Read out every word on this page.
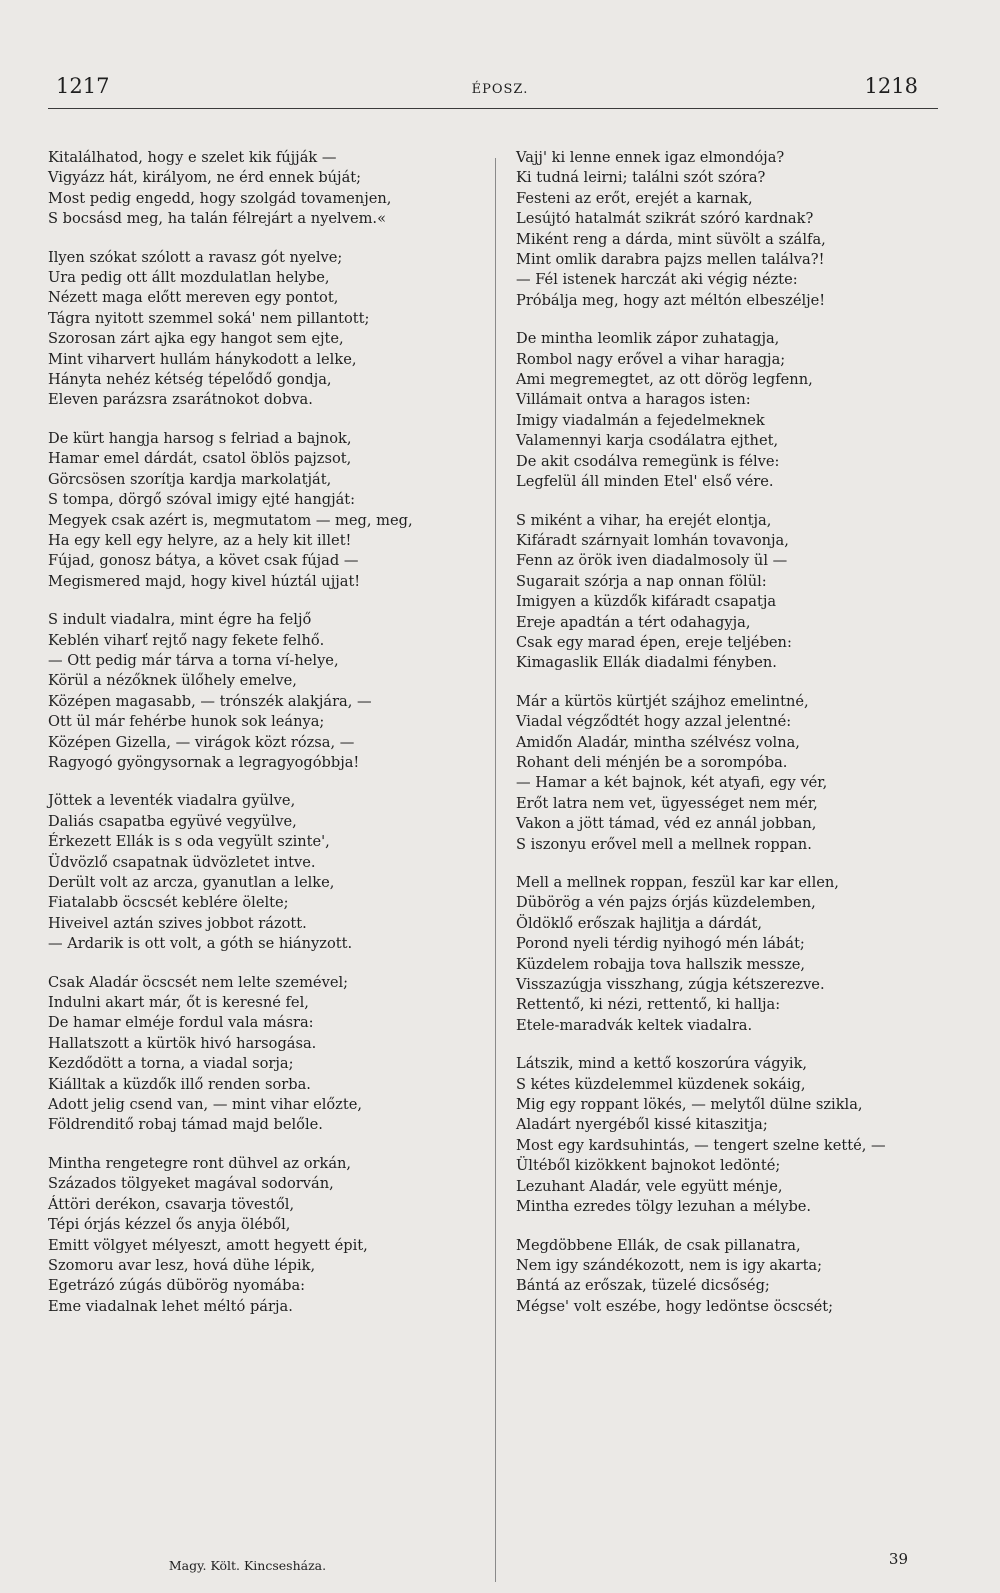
1217	ÉPOSZ.	1218
Kitalálhatod, hogy e szelet kik fújják —
Vigyázz hát, királyom, ne érd ennek búját;
Most pedig engedd, hogy szolgád tovamenjen,
S bocsásd meg, ha talán félrejárt a nyelvem.«
Ilyen szókat szólott a ravasz gót nyelve;
Ura pedig ott állt mozdulatlan helybe,
Nézett maga előtt mereven egy pontot,
Tágra nyitott szemmel soká' nem pillantott;
Szorosan zárt ajka egy hangot sem ejte,
Mint viharvert hullám hánykodott a lelke,
Hányta nehéz kétség tépelődő gondja,
Eleven parázsra zsarátnokot dobva.
De kürt hangja harsog s felriad a bajnok,
Hamar emel dárdát, csatol öblös pajzsot,
Görcsösen szorítja kardja markolatját,
S tompa, dörgő szóval imigy ejté hangját:
Megyek csak azért is, megmutatom — meg, meg,
Ha egy kell egy helyre, az a hely kit illet!
Fújad, gonosz bátya, a követ csak fújad —
Megismered majd, hogy kivel húztál ujjat!
S indult viadalra, mint égre ha feljő
Keblén viharť rejtő nagy fekete felhő.
— Ott pedig már tárva a torna ví-helye,
Körül a nézőknek ülőhely emelve,
Középen magasabb, — trónszék alakjára, —
Ott ül már fehérbe hunok sok leánya;
Középen Gizella, — virágok közt rózsa, —
Ragyogó gyöngysornak a legragyogóbbja!
Jöttek a leventék viadalra gyülve,
Daliás csapatba együvé vegyülve,
Érkezett Ellák is s oda vegyült szinte',
Üdvözlő csapatnak üdvözletet intve.
Derült volt az arcza, gyanutlan a lelke,
Fiatalabb öcscsét keblére ölelte;
Hiveivel aztán szives jobbot rázott.
— Ardarik is ott volt, a góth se hiányzott.
Csak Aladár öcscsét nem lelte szemével;
Indulni akart már, őt is keresné fel,
De hamar elméje fordul vala másra:
Hallatszott a kürtök hivó harsogása.
Kezdődött a torna, a viadal sorja;
Kiálltak a küzdők illő renden sorba.
Adott jelig csend van, — mint vihar előzte,
Földrenditő robaj támad majd belőle.
Mintha rengetegre ront dühvel az orkán,
Százados tölgyeket magával sodorván,
Áttöri derékon, csavarja tövestől,
Tépi órjás kézzel ős anyja öléből,
Emitt völgyet mélyeszt, amott hegyett épit,
Szomoru avar lesz, hová dühe lépik,
Egetrázó zúgás dübörög nyomába:
Eme viadalnak lehet méltó párja.
Vajj' ki lenne ennek igaz elmondója?
Ki tudná leirni; találni szót szóra?
Festeni az erőt, erejét a karnak,
Lesújtó hatalmát szikrát szóró kardnak?
Miként reng a dárda, mint süvölt a szálfa,
Mint omlik darabra pajzs mellen találva?!
— Fél istenek harczát aki végig nézte:
Próbálja meg, hogy azt méltón elbeszélje!
De mintha leomlik zápor zuhatagja,
Rombol nagy erővel a vihar haragja;
Ami megremegtet, az ott dörög legfenn,
Villámait ontva a haragos isten:
Imigy viadalmán a fejedelmeknek
Valamennyi karja csodálatra ejthet,
De akit csodálva remegünk is félve:
Legfelül áll minden Etel' első vére.
S miként a vihar, ha erejét elontja,
Kifáradt szárnyait lomhán tovavonja,
Fenn az örök iven diadalmosoly ül —
Sugarait szórja a nap onnan fölül:
Imigyen a küzdők kifáradt csapatja
Ereje apadtán a tért odahagyja,
Csak egy marad épen, ereje teljében:
Kimagaslik Ellák diadalmi fényben.
Már a kürtös kürtjét szájhoz emelintné,
Viadal végződtét hogy azzal jelentné:
Amidőn Aladár, mintha szélvész volna,
Rohant deli ménjén be a sorompóba.
— Hamar a két bajnok, két atyafi, egy vér,
Erőt latra nem vet, ügyességet nem mér,
Vakon a jött támad, véd ez annál jobban,
S iszonyu erővel mell a mellnek roppan.
Mell a mellnek roppan, feszül kar kar ellen,
Dübörög a vén pajzs órjás küzdelemben,
Öldöklő erőszak hajlitja a dárdát,
Porond nyeli térdig nyihogó mén lábát;
Küzdelem robajja tova hallszik messze,
Visszazúgja visszhang, zúgja kétszerezve.
Rettentő, ki nézi, rettentő, ki hallja:
Etele-maradvák keltek viadalra.
Látszik, mind a kettő koszorúra vágyik,
S kétes küzdelemmel küzdenek sokáig,
Mig egy roppant lökés, — melytől dülne szikla,
Aladárt nyergéből kissé kitaszitja;
Most egy kardsuhintás, — tengert szelne ketté, —
Ültéből kizökkent bajnokot ledönté;
Lezuhant Aladár, vele együtt ménje,
Mintha ezredes tölgy lezuhan a mélybe.
Megdöbbene Ellák, de csak pillanatra,
Nem igy szándékozott, nem is igy akarta;
Bántá az erőszak, tüzelé dicsőség;
Mégse' volt eszébe, hogy ledöntse öcscsét;
Magy. Költ. Kincsesháza.	39
